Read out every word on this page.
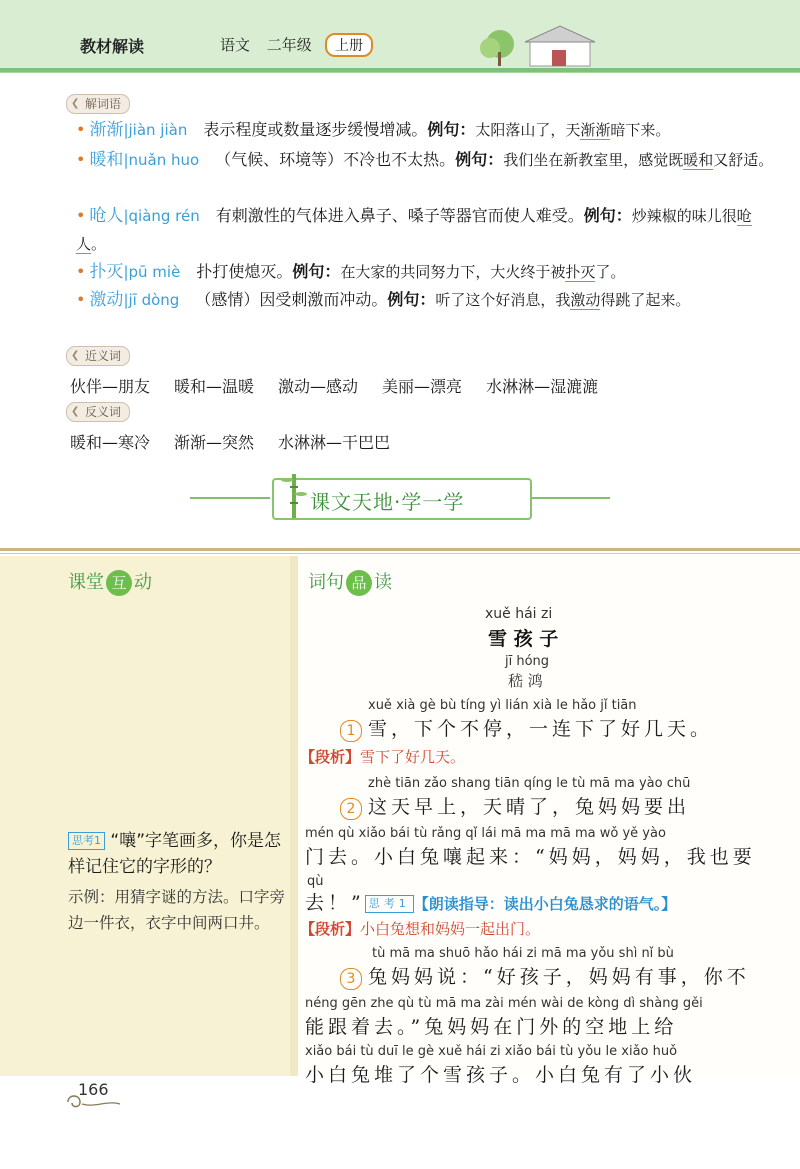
教材解读	语文 二年级	上册
❮ 解词语
• 渐渐|jiàn jiàn 表示程度或数量逐步缓慢增减。例句：太阳落山了，天渐渐暗下来。
• 暖和|nuǎn huo （气候、环境等）不冷也不太热。例句：我们坐在新教室里，感觉既暖和又舒适。
• 呛人|qiàng rén 有刺激性的气体进入鼻子、嗓子等器官而使人难受。例句：炒辣椒的味儿很呛人。
• 扑灭|pū miè 扑打使熄灭。例句：在大家的共同努力下，大火终于被扑灭了。
• 激动|jī dòng （感情）因受刺激而冲动。例句：听了这个好消息，我激动得跳了起来。
❮ 近义词
伙伴—朋友 暖和—温暖 激动—感动 美丽—漂亮 水淋淋—湿漉漉
❮ 反义词
暖和—寒冷 渐渐—突然 水淋淋—干巴巴
课文天地·学一学
课堂 互 动
思考1 “嚷”字笔画多，你是怎样记住它的字形的？
示例：用猜字谜的方法。口字旁边一件衣，衣字中间两口井。
词句 品 读
xuě hái zi
雪 孩 子
jī hóng
嵇 鸿
xuě xià gè bù tíng yì lián xià le hǎo jǐ tiān
1 雪，下个不停，一连下了好几天。
【段析】雪下了好几天。
zhè tiān zǎo shang tiān qíng le tù mā ma yào chū
2 这天早上，天晴了，兔妈妈要出
mén qù xiǎo bái tù rǎng qǐ lái mā ma mā ma wǒ yě yào
门去。小白兔嚷起来：“妈妈，妈妈，我也要
qù
去！” 思考1 【朗读指导：读出小白兔恳求的语气。】
【段析】小白兔想和妈妈一起出门。
tù mā ma shuō hǎo hái zi mā ma yǒu shì nǐ bù
3 兔妈妈说：“好孩子，妈妈有事，你不
néng gēn zhe qù tù mā ma zài mén wài de kòng dì shàng gěi
能跟着去。”兔妈妈在门外的空地上给
xiǎo bái tù duī le gè xuě hái zi xiǎo bái tù yǒu le xiǎo huǒ
小白兔堆了个雪孩子。小白兔有了小伙
166
